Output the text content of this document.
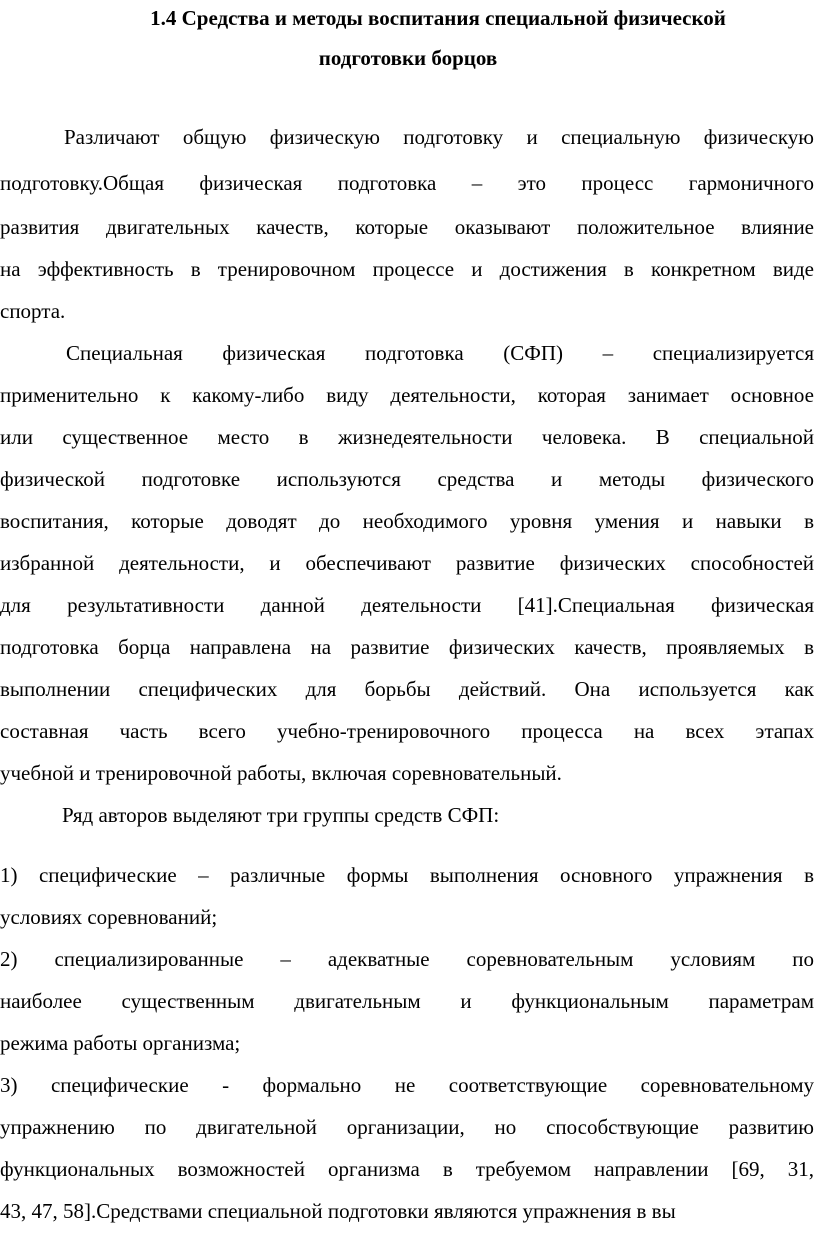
1.4 Средства и методы воспитания специальной физической
подготовки борцов
Различают общую физическую подготовку и специальную физическую
подготовку.Общая физическая подготовка – это процесс гармоничного
развития двигательных качеств, которые оказывают положительное влияние
на эффективность в тренировочном процессе и достижения в конкретном виде
спорта.
Специальная физическая подготовка (СФП) – специализируется
применительно к какому-либо виду деятельности, которая занимает основное
или существенное место в жизнедеятельности человека. В специальной
физической подготовке используются средства и методы физического
воспитания, которые доводят до необходимого уровня умения и навыки в
избранной деятельности, и обеспечивают развитие физических способностей
для результативности данной деятельности [41].Специальная физическая
подготовка борца направлена на развитие физических качеств, проявляемых в
выполнении специфических для борьбы действий. Она используется как
составная часть всего учебно-тренировочного процесса на всех этапах
учебной и тренировочной работы, включая соревновательный.
Ряд авторов выделяют три группы средств СФП:
1) специфические – различные формы выполнения основного упражнения в
условиях соревнований;
2) специализированные – адекватные соревновательным условиям по
наиболее существенным двигательным и функциональным параметрам
режима работы организма;
3) специфические - формально не соответствующие соревновательному
упражнению по двигательной организации, но способствующие развитию
функциональных возможностей организма в требуемом направлении [69, 31,
43, 47, 58].Средствами специальной подготовки являются упражнения в вы
